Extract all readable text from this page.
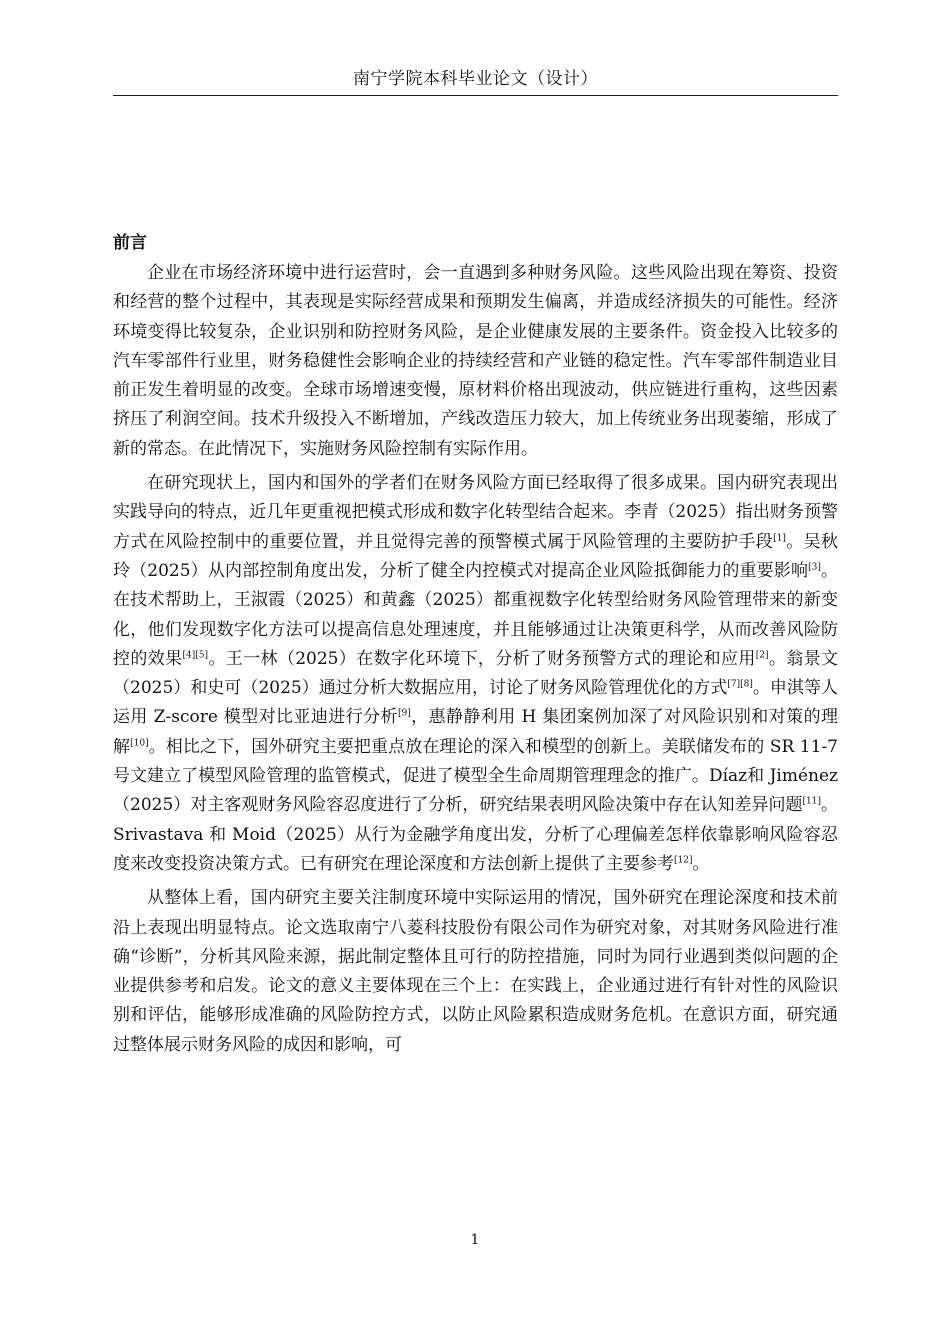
南宁学院本科毕业论文（设计）
前言

企业在市场经济环境中进行运营时，会一直遇到多种财务风险。这些风险出现在筹资、投资和经营的整个过程中，其表现是实际经营成果和预期发生偏离，并造成经济损失的可能性。经济环境变得比较复杂，企业识别和防控财务风险，是企业健康发展的主要条件。资金投入比较多的汽车零部件行业里，财务稳健性会影响企业的持续经营和产业链的稳定性。汽车零部件制造业目前正发生着明显的改变。全球市场增速变慢，原材料价格出现波动，供应链进行重构，这些因素挤压了利润空间。技术升级投入不断增加，产线改造压力较大，加上传统业务出现萎缩，形成了新的常态。在此情况下，实施财务风险控制有实际作用。

在研究现状上，国内和国外的学者们在财务风险方面已经取得了很多成果。国内研究表现出实践导向的特点，近几年更重视把模式形成和数字化转型结合起来。李青（2025）指出财务预警方式在风险控制中的重要位置，并且觉得完善的预警模式属于风险管理的主要防护手段[1]。吴秋玲（2025）从内部控制角度出发，分析了健全内控模式对提高企业风险抵御能力的重要影响[3]。在技术帮助上，王淑霞（2025）和黄鑫（2025）都重视数字化转型给财务风险管理带来的新变化，他们发现数字化方法可以提高信息处理速度，并且能够通过让决策更科学，从而改善风险防控的效果[4][5]。王一林（2025）在数字化环境下，分析了财务预警方式的理论和应用[2]。翁景文（2025）和史可（2025）通过分析大数据应用，讨论了财务风险管理优化的方式[7][8]。申淇等人运用 Z-score 模型对比亚迪进行分析[9]，惠静静利用 H 集团案例加深了对风险识别和对策的理解[10]。相比之下，国外研究主要把重点放在理论的深入和模型的创新上。美联储发布的 SR 11-7 号文建立了模型风险管理的监管模式，促进了模型全生命周期管理理念的推广。Díaz和 Jiménez（2025）对主客观财务风险容忍度进行了分析，研究结果表明风险决策中存在认知差异问题[11]。Srivastava 和 Moid（2025）从行为金融学角度出发，分析了心理偏差怎样依靠影响风险容忍度来改变投资决策方式。已有研究在理论深度和方法创新上提供了主要参考[12]。

从整体上看，国内研究主要关注制度环境中实际运用的情况，国外研究在理论深度和技术前沿上表现出明显特点。论文选取南宁八菱科技股份有限公司作为研究对象，对其财务风险进行准确“诊断”，分析其风险来源，据此制定整体且可行的防控措施，同时为同行业遇到类似问题的企业提供参考和启发。论文的意义主要体现在三个上：在实践上，企业通过进行有针对性的风险识别和评估，能够形成准确的风险防控方式，以防止风险累积造成财务危机。在意识方面，研究通过整体展示财务风险的成因和影响，可

1
